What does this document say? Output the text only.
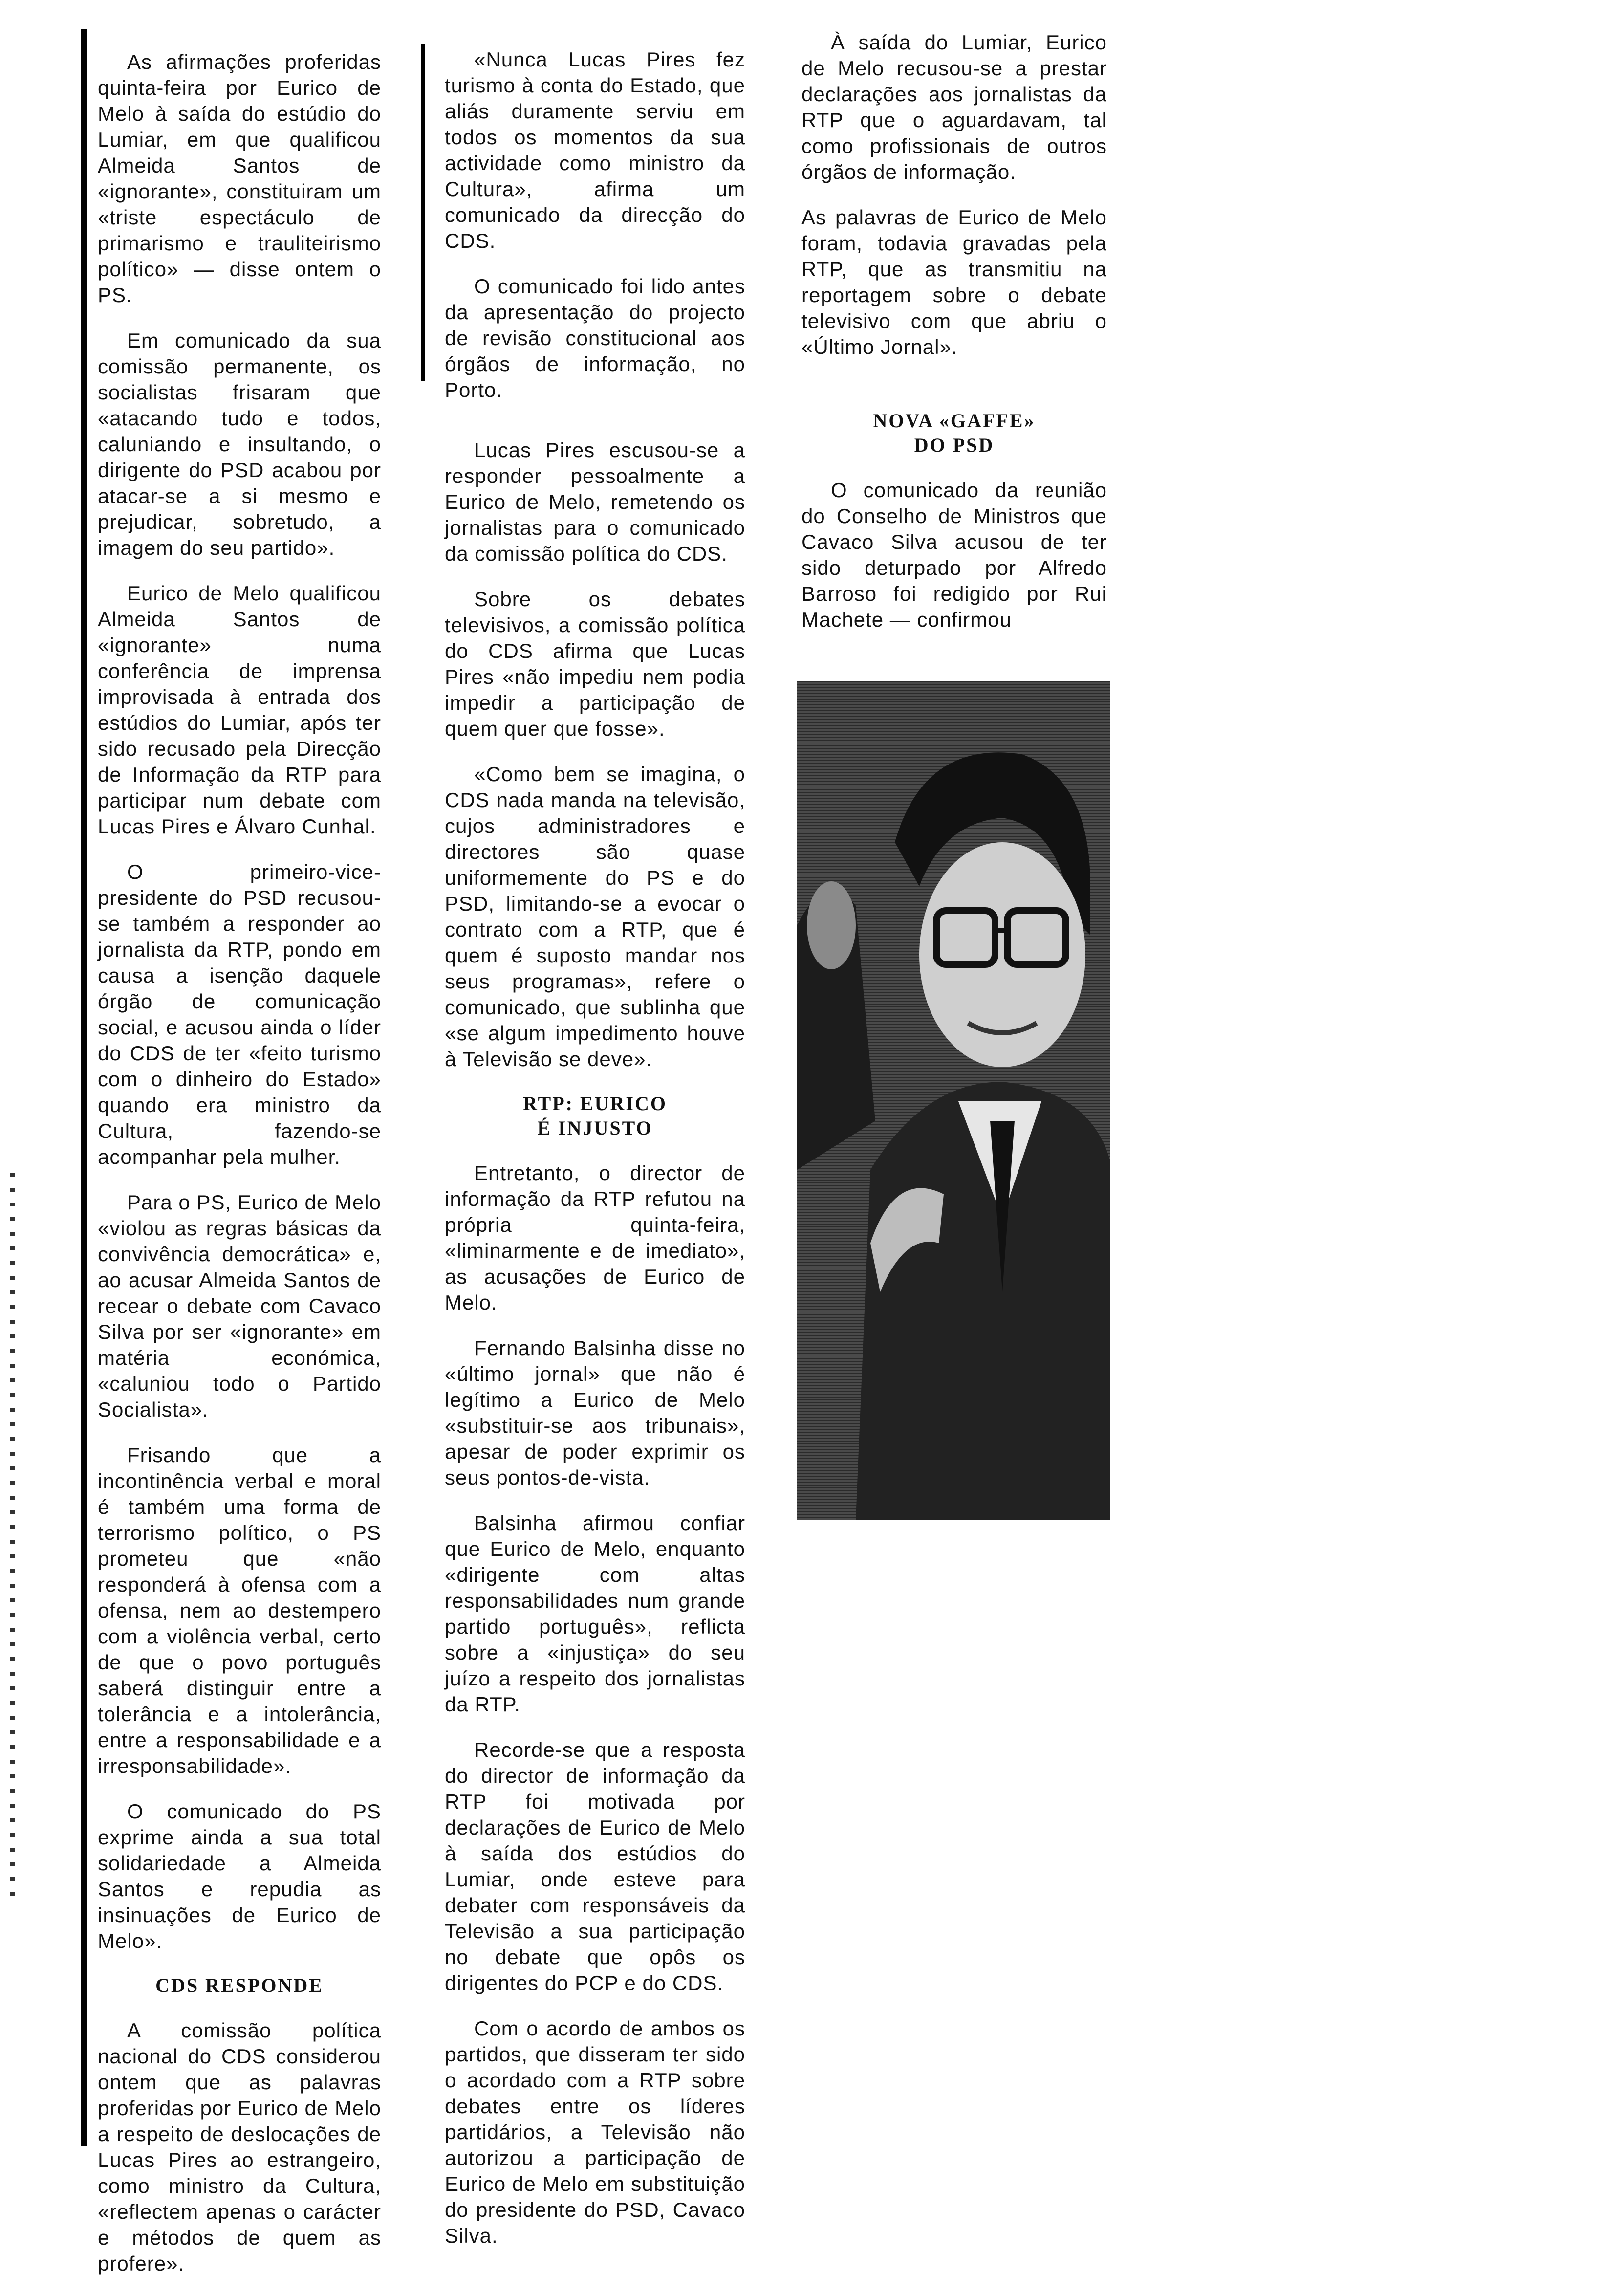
As afirmações proferidas quinta-feira por Eurico de Melo à saída do estúdio do Lumiar, em que qualificou Almeida Santos de «ignorante», constituiram um «triste espectáculo de primarismo e trauliteirismo político» — disse ontem o PS.

Em comunicado da sua comissão permanente, os socialistas frisaram que «atacando tudo e todos, caluniando e insultando, o dirigente do PSD acabou por atacar-se a si mesmo e prejudicar, sobretudo, a imagem do seu partido».

Eurico de Melo qualificou Almeida Santos de «ignorante» numa conferência de imprensa improvisada à entrada dos estúdios do Lumiar, após ter sido recusado pela Direcção de Informação da RTP para participar num debate com Lucas Pires e Álvaro Cunhal.

O primeiro-vice-presidente do PSD recusou-se também a responder ao jornalista da RTP, pondo em causa a isenção daquele órgão de comunicação social, e acusou ainda o líder do CDS de ter «feito turismo com o dinheiro do Estado» quando era ministro da Cultura, fazendo-se acompanhar pela mulher.

Para o PS, Eurico de Melo «violou as regras básicas da convivência democrática» e, ao acusar Almeida Santos de recear o debate com Cavaco Silva por ser «ignorante» em matéria económica, «caluniou todo o Partido Socialista».

Frisando que a incontinência verbal e moral é também uma forma de terrorismo político, o PS prometeu que «não responderá à ofensa com a ofensa, nem ao destempero com a violência verbal, certo de que o povo português saberá distinguir entre a tolerância e a intolerância, entre a responsabilidade e a irresponsabilidade».

O comunicado do PS exprime ainda a sua total solidariedade a Almeida Santos e repudia as insinuações de Eurico de Melo».

CDS RESPONDE

A comissão política nacional do CDS considerou ontem que as palavras proferidas por Eurico de Melo a respeito de deslocações de Lucas Pires ao estrangeiro, como ministro da Cultura, «reflectem apenas o carácter e métodos de quem as profere».

«Nunca Lucas Pires fez turismo à conta do Estado, que aliás duramente serviu em todos os momentos da sua actividade como ministro da Cultura», afirma um comunicado da direcção do CDS.

O comunicado foi lido antes da apresentação do projecto de revisão constitucional aos órgãos de informação, no Porto.

Lucas Pires escusou-se a responder pessoalmente a Eurico de Melo, remetendo os jornalistas para o comunicado da comissão política do CDS.

Sobre os debates televisivos, a comissão política do CDS afirma que Lucas Pires «não impediu nem podia impedir a participação de quem quer que fosse».

«Como bem se imagina, o CDS nada manda na televisão, cujos administradores e directores são quase uniformemente do PS e do PSD, limitando-se a evocar o contrato com a RTP, que é quem é suposto mandar nos seus programas», refere o comunicado, que sublinha que «se algum impedimento houve à Televisão se deve».

RTP: EURICO
É INJUSTO

Entretanto, o director de informação da RTP refutou na própria quinta-feira, «liminarmente e de imediato», as acusações de Eurico de Melo.

Fernando Balsinha disse no «último jornal» que não é legítimo a Eurico de Melo «substituir-se aos tribunais», apesar de poder exprimir os seus pontos-de-vista.

Balsinha afirmou confiar que Eurico de Melo, enquanto «dirigente com altas responsabilidades num grande partido português», reflicta sobre a «injustiça» do seu juízo a respeito dos jornalistas da RTP.

Recorde-se que a resposta do director de informação da RTP foi motivada por declarações de Eurico de Melo à saída dos estúdios do Lumiar, onde esteve para debater com responsáveis da Televisão a sua participação no debate que opôs os dirigentes do PCP e do CDS.

Com o acordo de ambos os partidos, que disseram ter sido o acordado com a RTP sobre debates entre os líderes partidários, a Televisão não autorizou a participação de Eurico de Melo em substituição do presidente do PSD, Cavaco Silva.

À saída do Lumiar, Eurico de Melo recusou-se a prestar declarações aos jornalistas da RTP que o aguardavam, tal como profissionais de outros órgãos de informação.

As palavras de Eurico de Melo foram, todavia gravadas pela RTP, que as transmitiu na reportagem sobre o debate televisivo com que abriu o «Último Jornal».

NOVA «GAFFE»
DO PSD

O comunicado da reunião do Conselho de Ministros que Cavaco Silva acusou de ter sido deturpado por Alfredo Barroso foi redigido por Rui Machete — confirmou
